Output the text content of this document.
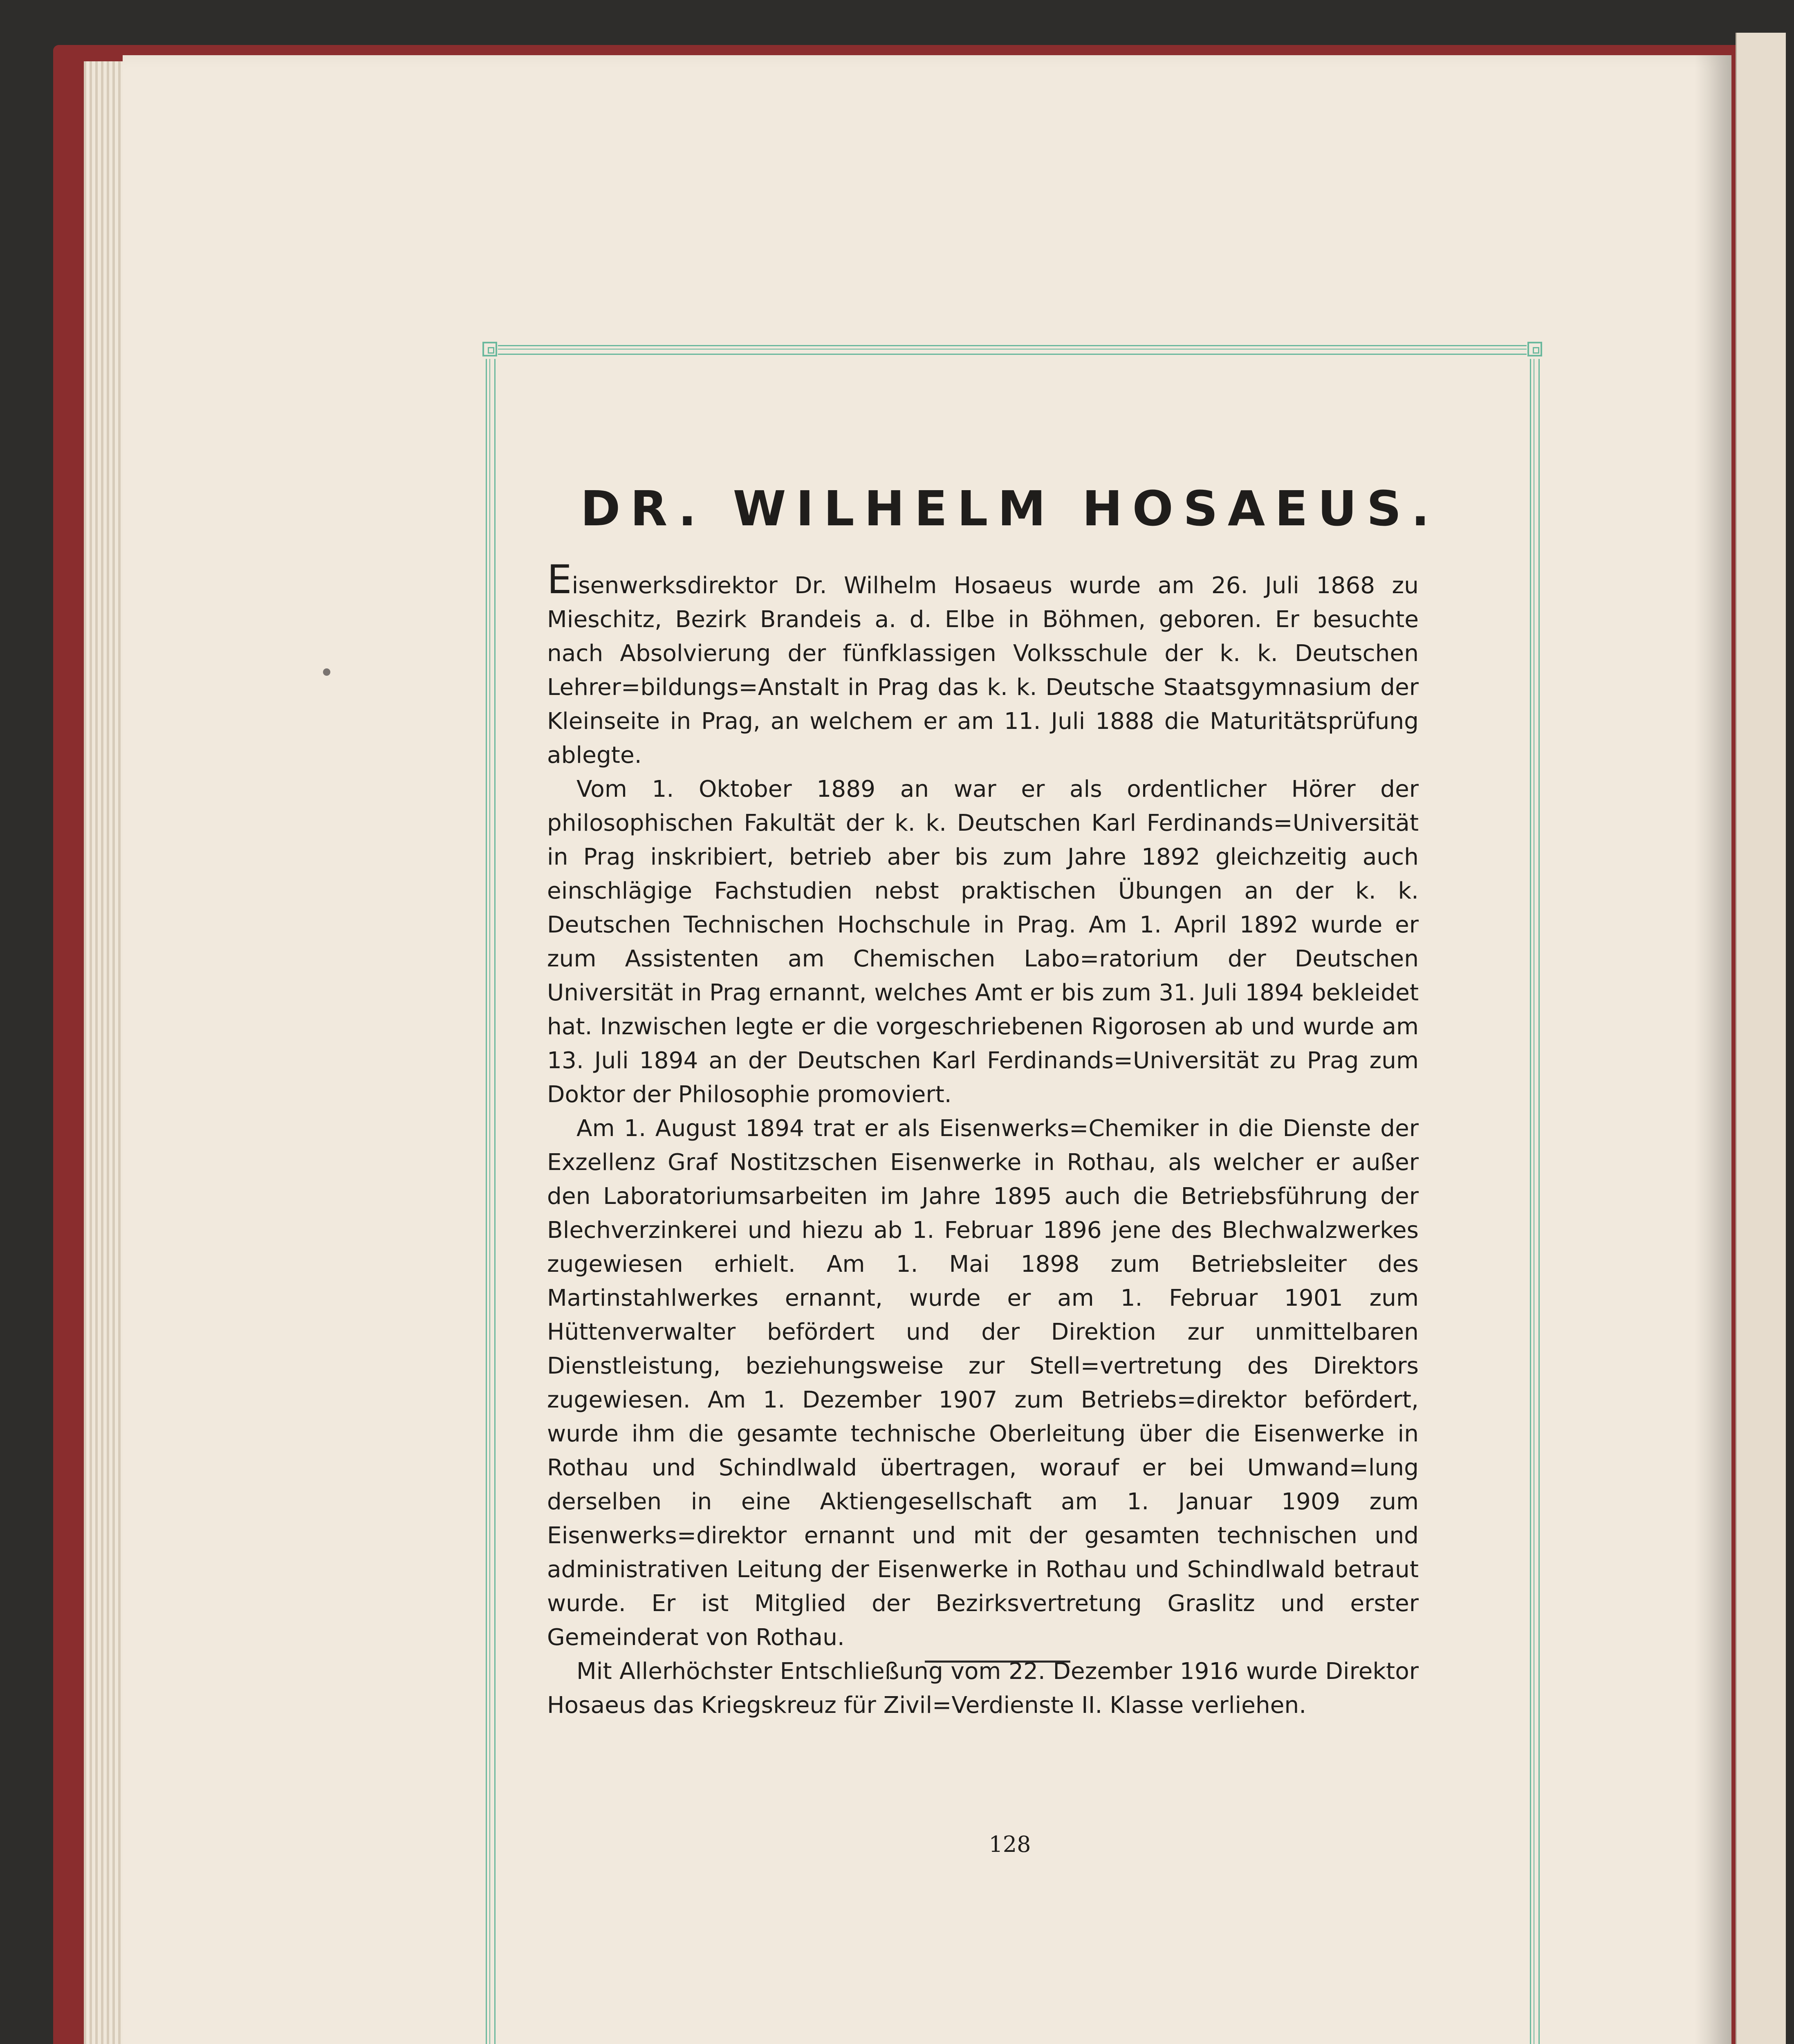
DR. WILHELM HOSAEUS.

Eisenwerksdirektor Dr. Wilhelm Hosaeus wurde am 26. Juli 1868 zu Mieschitz, Bezirk Brandeis a. d. Elbe in Böhmen, geboren. Er besuchte nach Absolvierung der fünfklassigen Volksschule der k. k. Deutschen Lehrer=bildungs=Anstalt in Prag das k. k. Deutsche Staatsgymnasium der Kleinseite in Prag, an welchem er am 11. Juli 1888 die Maturitätsprüfung ablegte.

Vom 1. Oktober 1889 an war er als ordentlicher Hörer der philosophischen Fakultät der k. k. Deutschen Karl Ferdinands=Universität in Prag inskribiert, betrieb aber bis zum Jahre 1892 gleichzeitig auch einschlägige Fachstudien nebst praktischen Übungen an der k. k. Deutschen Technischen Hochschule in Prag. Am 1. April 1892 wurde er zum Assistenten am Chemischen Labo=ratorium der Deutschen Universität in Prag ernannt, welches Amt er bis zum 31. Juli 1894 bekleidet hat. Inzwischen legte er die vorgeschriebenen Rigorosen ab und wurde am 13. Juli 1894 an der Deutschen Karl Ferdinands=Universität zu Prag zum Doktor der Philosophie promoviert.

Am 1. August 1894 trat er als Eisenwerks=Chemiker in die Dienste der Exzellenz Graf Nostitzschen Eisenwerke in Rothau, als welcher er außer den Laboratoriumsarbeiten im Jahre 1895 auch die Betriebsführung der Blechverzinkerei und hiezu ab 1. Februar 1896 jene des Blechwalzwerkes zugewiesen erhielt. Am 1. Mai 1898 zum Betriebsleiter des Martinstahlwerkes ernannt, wurde er am 1. Februar 1901 zum Hüttenverwalter befördert und der Direktion zur unmittelbaren Dienstleistung, beziehungsweise zur Stell=vertretung des Direktors zugewiesen. Am 1. Dezember 1907 zum Betriebs=direktor befördert, wurde ihm die gesamte technische Oberleitung über die Eisenwerke in Rothau und Schindlwald übertragen, worauf er bei Umwand=lung derselben in eine Aktiengesellschaft am 1. Januar 1909 zum Eisenwerks=direktor ernannt und mit der gesamten technischen und administrativen Leitung der Eisenwerke in Rothau und Schindlwald betraut wurde. Er ist Mitglied der Bezirksvertretung Graslitz und erster Gemeinderat von Rothau.

Mit Allerhöchster Entschließung vom 22. Dezember 1916 wurde Direktor Hosaeus das Kriegskreuz für Zivil=Verdienste II. Klasse verliehen.

128
